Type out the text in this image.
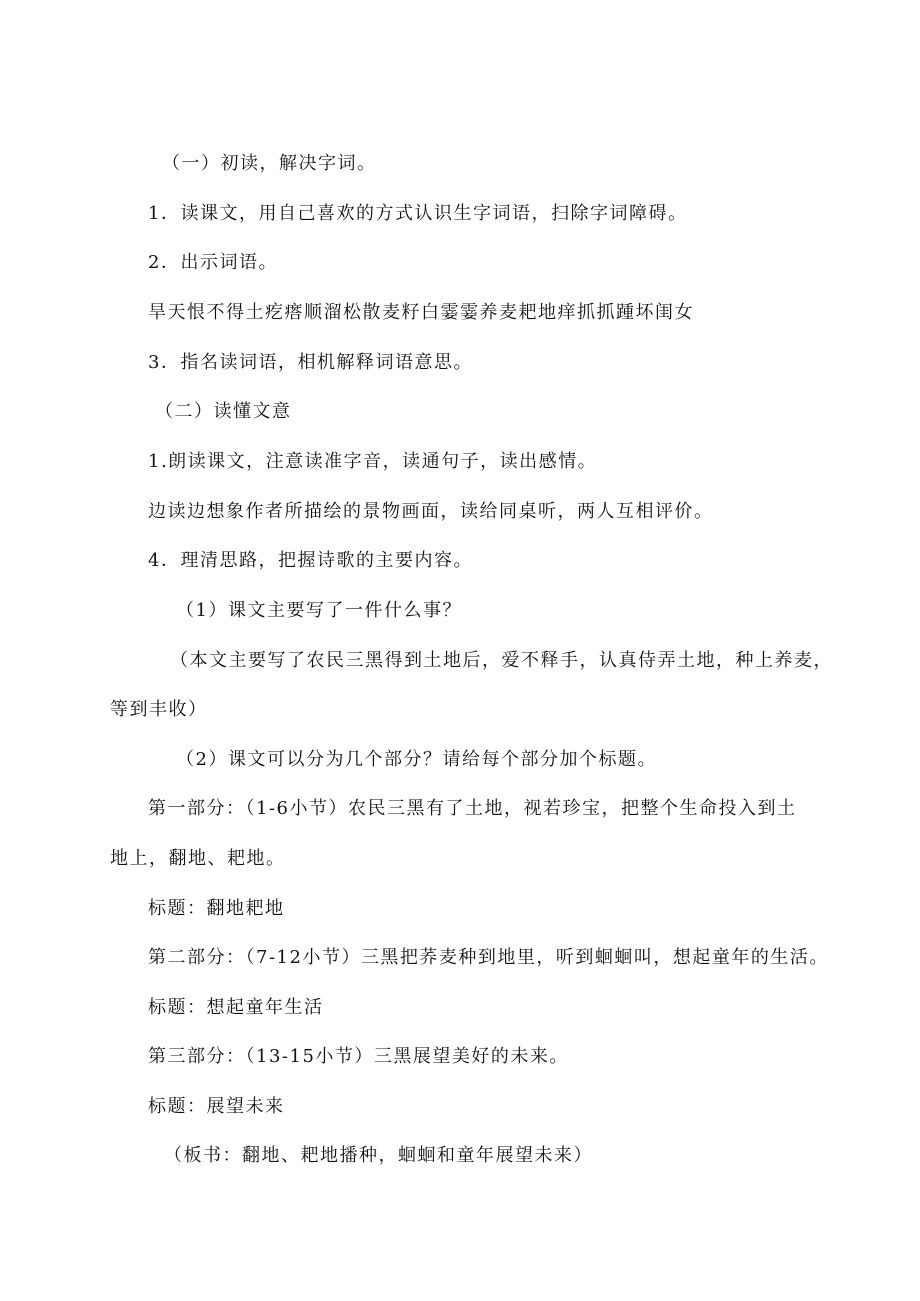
（一）初读，解决字词。
1．读课文，用自己喜欢的方式认识生字词语，扫除字词障碍。
2．出示词语。
旱天恨不得土疙瘩顺溜松散麦籽白霎霎养麦耙地痒抓抓踵坏闺女
3．指名读词语，相机解释词语意思。
（二）读懂文意
1.朗读课文，注意读准字音，读通句子，读出感情。
边读边想象作者所描绘的景物画面，读给同桌听，两人互相评价。
4．理清思路，把握诗歌的主要内容。
（1）课文主要写了一件什么事？
（本文主要写了农民三黑得到土地后，爱不释手，认真侍弄土地，种上养麦，
等到丰收）
（2）课文可以分为几个部分？请给每个部分加个标题。
第一部分：（1-6小节）农民三黑有了土地，视若珍宝，把整个生命投入到土
地上，翻地、耙地。
标题：翻地耙地
第二部分：（7-12小节）三黑把荞麦种到地里，听到蛔蛔叫，想起童年的生活。
标题：想起童年生活
第三部分：（13-15小节）三黑展望美好的未来。
标题：展望未来
（板书：翻地、耙地播种，蛔蛔和童年展望未来）
